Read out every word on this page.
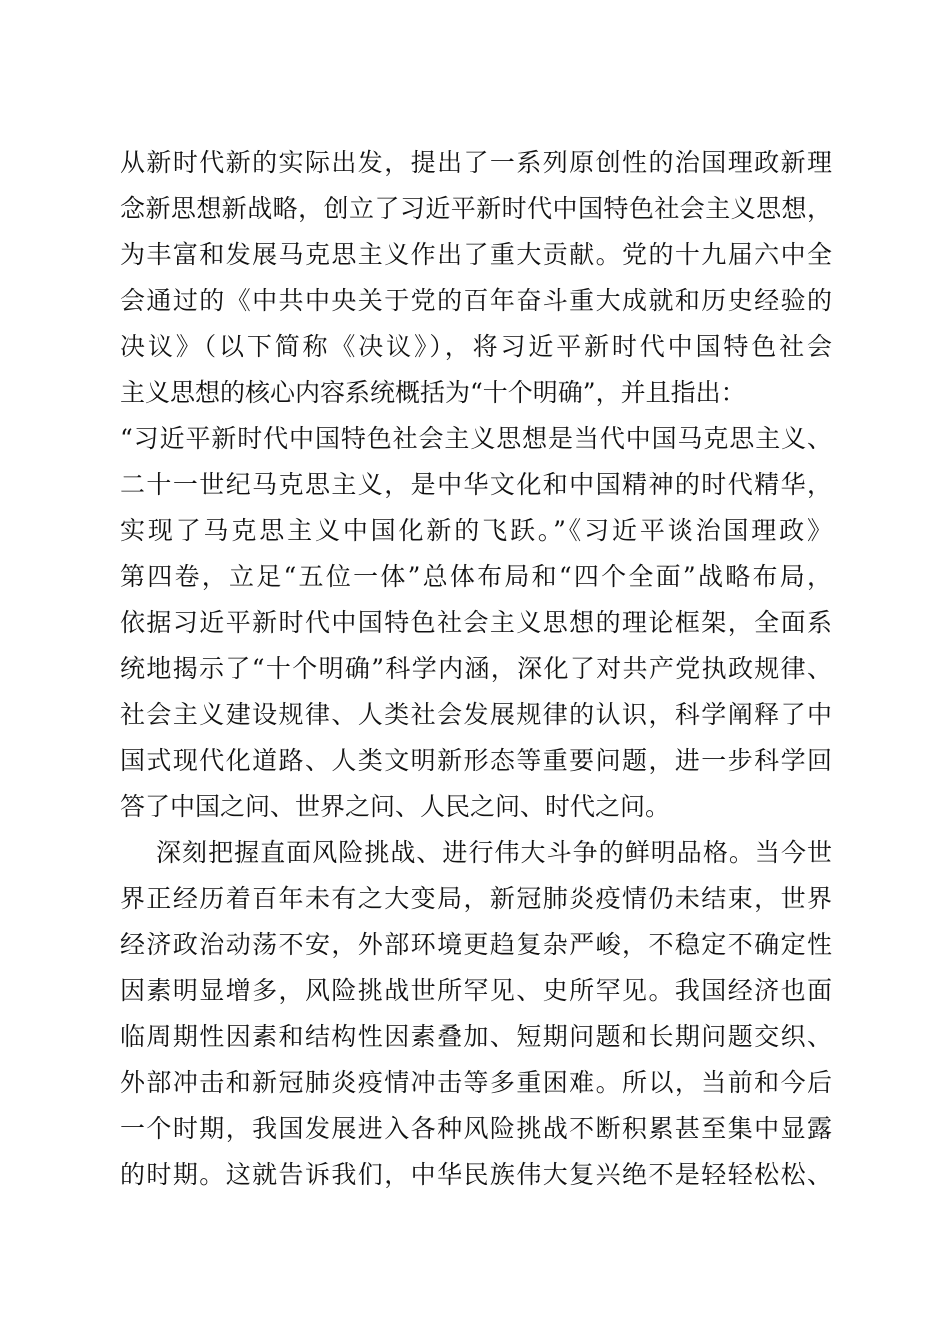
从新时代新的实际出发，提出了一系列原创性的治国理政新理
念新思想新战略，创立了习近平新时代中国特色社会主义思想，
为丰富和发展马克思主义作出了重大贡献。党的十九届六中全
会通过的《中共中央关于党的百年奋斗重大成就和历史经验的
决议》（以下简称《决议》），将习近平新时代中国特色社会
主义思想的核心内容系统概括为“十个明确”，并且指出：
“习近平新时代中国特色社会主义思想是当代中国马克思主义、
二十一世纪马克思主义，是中华文化和中国精神的时代精华，
实现了马克思主义中国化新的飞跃。”《习近平谈治国理政》
第四卷，立足“五位一体”总体布局和“四个全面”战略布局，
依据习近平新时代中国特色社会主义思想的理论框架，全面系
统地揭示了“十个明确”科学内涵，深化了对共产党执政规律、
社会主义建设规律、人类社会发展规律的认识，科学阐释了中
国式现代化道路、人类文明新形态等重要问题，进一步科学回
答了中国之问、世界之问、人民之问、时代之问。
深刻把握直面风险挑战、进行伟大斗争的鲜明品格。当今世
界正经历着百年未有之大变局，新冠肺炎疫情仍未结束，世界
经济政治动荡不安，外部环境更趋复杂严峻，不稳定不确定性
因素明显增多，风险挑战世所罕见、史所罕见。我国经济也面
临周期性因素和结构性因素叠加、短期问题和长期问题交织、
外部冲击和新冠肺炎疫情冲击等多重困难。所以，当前和今后
一个时期，我国发展进入各种风险挑战不断积累甚至集中显露
的时期。这就告诉我们，中华民族伟大复兴绝不是轻轻松松、
